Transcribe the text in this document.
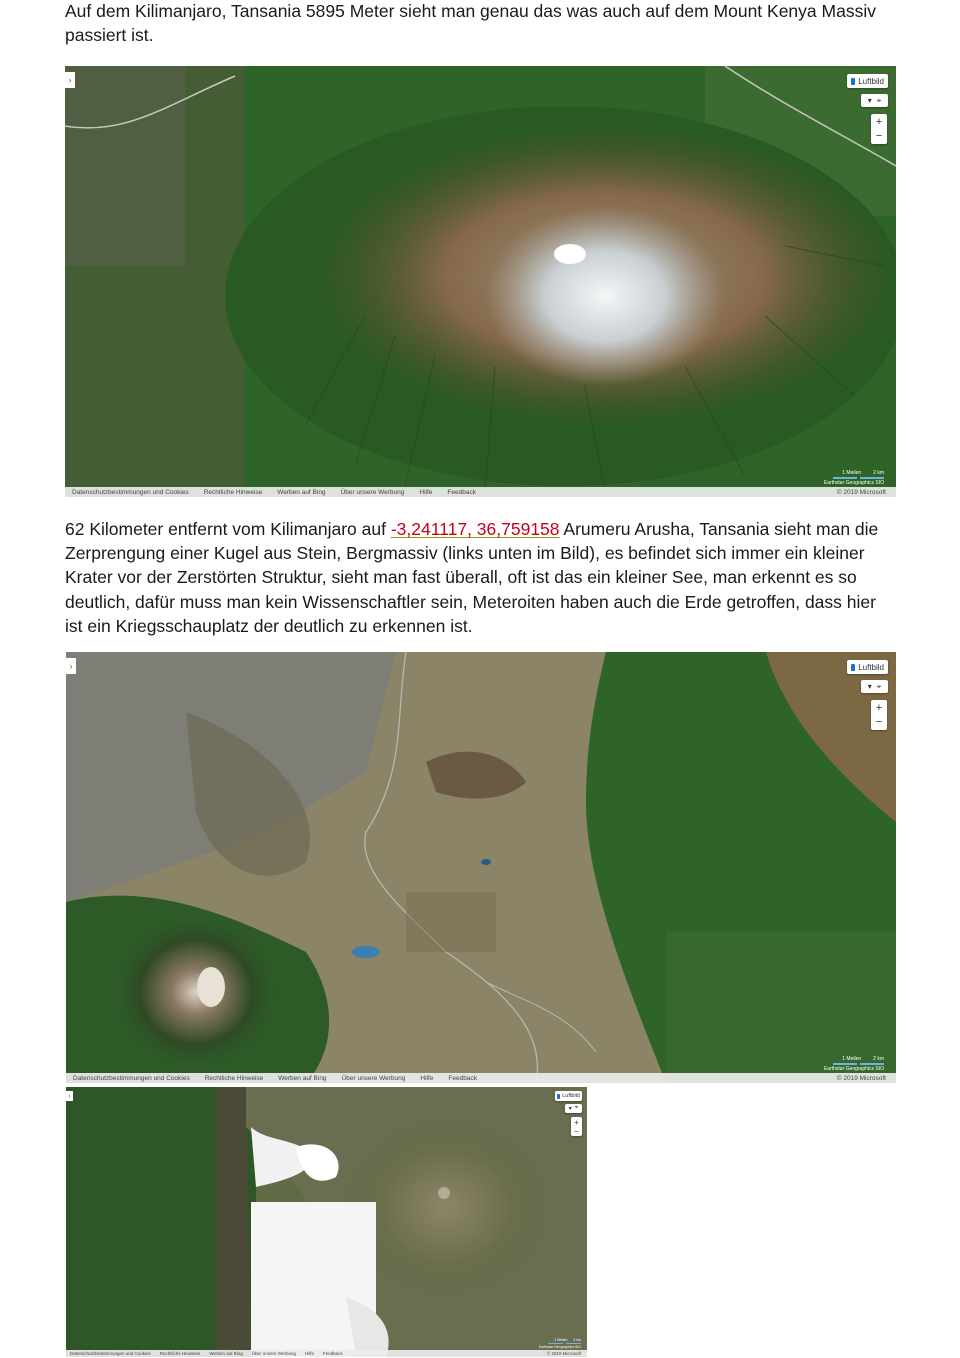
Auf dem Kilimanjaro, Tansania 5895 Meter sieht man genau das was auch auf dem Mount Kenya Massiv passiert ist.

›	Luftbild
▾ ⌖
+
−
1 Meilen 2 km
Earthstar Geographics SIO
Datenschutzbestimmungen und Cookies Rechtliche Hinweise Werben auf Bing Über unsere Werbung Hilfe Feedback	© 2019 Microsoft

62 Kilometer entfernt vom Kilimanjaro auf -3,241117, 36,759158 Arumeru Arusha, Tansania sieht man die Zerprengung einer Kugel aus Stein, Bergmassiv (links unten im Bild), es befindet sich immer ein kleiner Krater vor der Zerstörten Struktur, sieht man fast überall, oft ist das ein kleiner See, man erkennt es so deutlich, dafür muss man kein Wissenschaftler sein, Meteroiten haben auch die Erde getroffen, dass hier ist ein Kriegsschauplatz der deutlich zu erkennen ist.

›	Luftbild
▾ ⌖
+
−
1 Meilen 2 km
Earthstar Geographics SIO
Datenschutzbestimmungen und Cookies Rechtliche Hinweise Werben auf Bing Über unsere Werbung Hilfe Feedback	© 2019 Microsoft
›	Luftbild
▾ ⌖
+
−
1 Meilen 2 km
Earthstar Geographics SIO
Datenschutzbestimmungen und Cookies Rechtliche Hinweise Werben auf Bing Über unsere Werbung Hilfe Feedback	© 2019 Microsoft
